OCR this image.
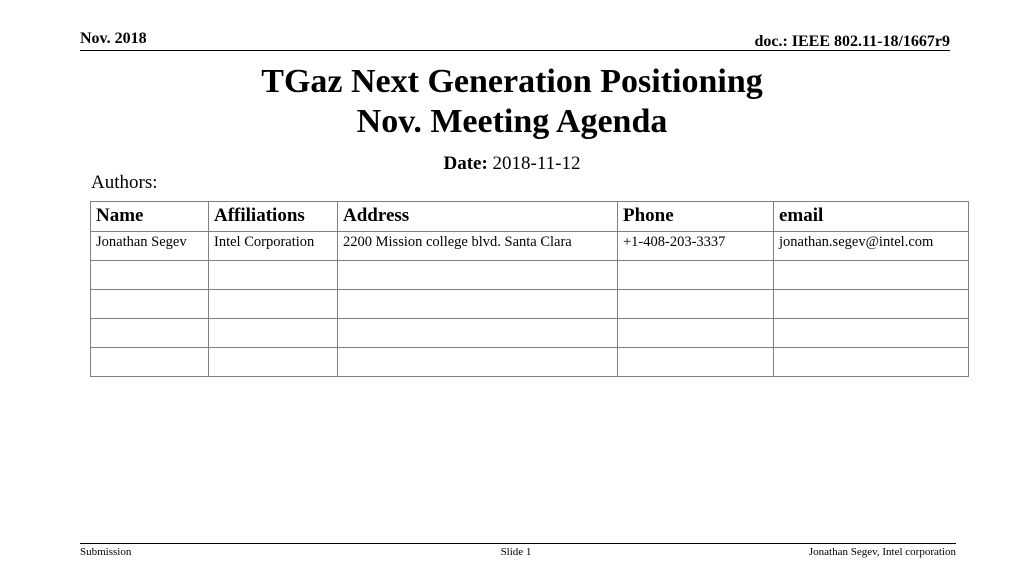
Nov. 2018	doc.: IEEE 802.11-18/1667r9
TGaz Next Generation Positioning
Nov. Meeting Agenda
Date: 2018-11-12
Authors:
Name	Affiliations	Address	Phone	email
Jonathan Segev	Intel Corporation	2200 Mission college blvd. Santa Clara	+1-408-203-3337	jonathan.segev@intel.com

Submission	Slide 1	Jonathan Segev, Intel corporation
